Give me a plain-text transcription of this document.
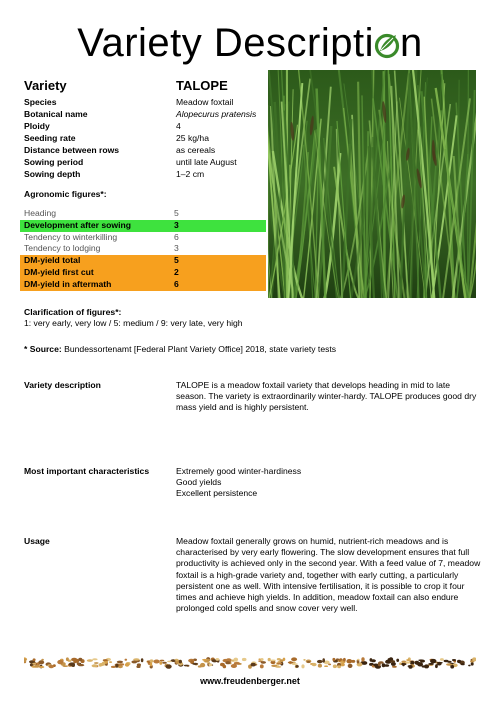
Variety Descripti n
Variety	TALOPE
Species	Meadow foxtail
Botanical name	Alopecurus pratensis
Ploidy	4
Seeding rate	25 kg/ha
Distance between rows	as cereals
Sowing period	until late August
Sowing depth	1–2 cm
Agronomic figures*:
Heading	5
Development after sowing	3
Tendency to winterkilling	6
Tendency to lodging	3
DM-yield total	5
DM-yield first cut	2
DM-yield in aftermath	6
Clarification of figures*:
1: very early, very low / 5: medium / 9: very late, very high
* Source: Bundessortenamt [Federal Plant Variety Office] 2018, state variety tests
Variety description	TALOPE is a meadow foxtail variety that develops heading in mid to late season. The variety is extraordinarily winter-hardy. TALOPE produces good dry mass yield and is highly persistent.
Most important characteristics	Extremely good winter-hardiness
Good yields
Excellent persistence
Usage	Meadow foxtail generally grows on humid, nutrient-rich meadows and is characterised by very early flowering. The slow development ensures that full productivity is achieved only in the second year. With a feed value of 7, meadow foxtail is a high-grade variety and, together with early cutting, a particularly persistent one as well. With intensive fertilisation, it is possible to crop it four times and achieve high yields. In addition, meadow foxtail can also endure prolonged cold spells and snow cover very well.
www.freudenberger.net
